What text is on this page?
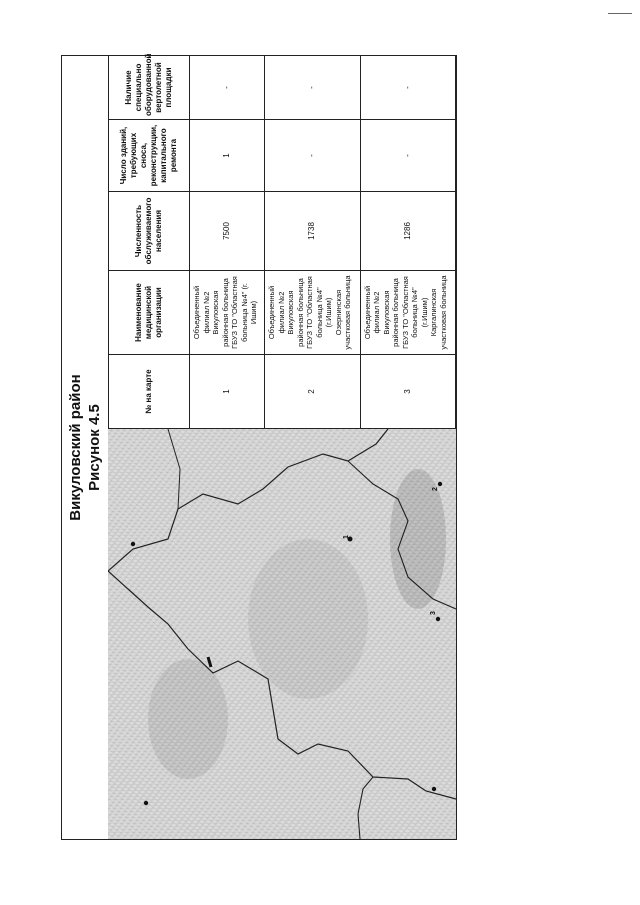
Викуловский район Рисунок 4.5
1
2
3
№ на карте	Наименование медицинской организации	Численность обслуживаемого населения	Число зданий, требующих сноса, реконструкции, капитального ремонта	Наличие специально оборудованной вертолетной площадки
1	Объединенный филиал №2 Викуловская районная больница ГБУЗ ТО "Областная больница №4" (г. Ишим)	7500	1	-
2	Объединенный филиал №2 Викуловская районная больница ГБУЗ ТО "Областная больница №4" (г.Ишим) Озернинская участковая больница	1738	-	-
3	Объединенный филиал №2 Викуловская районная больница ГБУЗ ТО "Областная больница №4" (г.Ишим) Каргалинская участковая больница	1286	-	-
